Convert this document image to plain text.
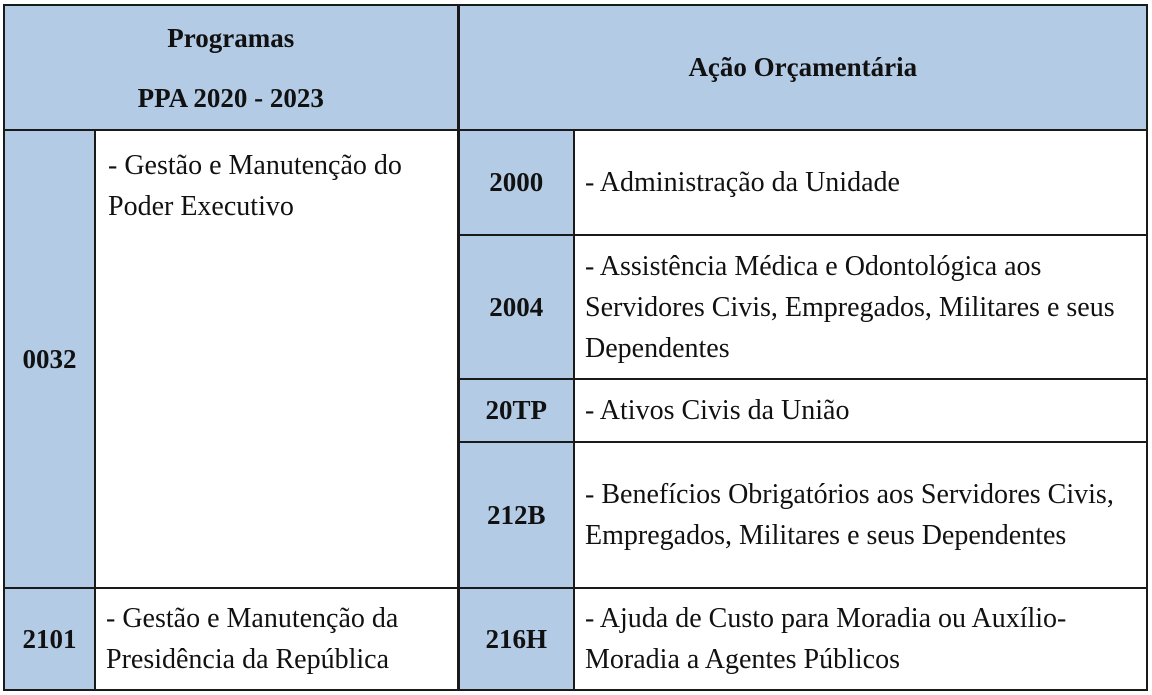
Programas
PPA 2020 - 2023		Ação Orçamentária	
0032	- Gestão e Manutenção do Poder Executivo	2000	- Administração da Unidade
		2004	- Assistência Médica e Odontológica aos Servidores Civis, Empregados, Militares e seus Dependentes
		20TP	- Ativos Civis da União
		212B	- Benefícios Obrigatórios aos Servidores Civis, Empregados, Militares e seus Dependentes
2101	- Gestão e Manutenção da Presidência da República	216H	- Ajuda de Custo para Moradia ou Auxílio-Moradia a Agentes Públicos
